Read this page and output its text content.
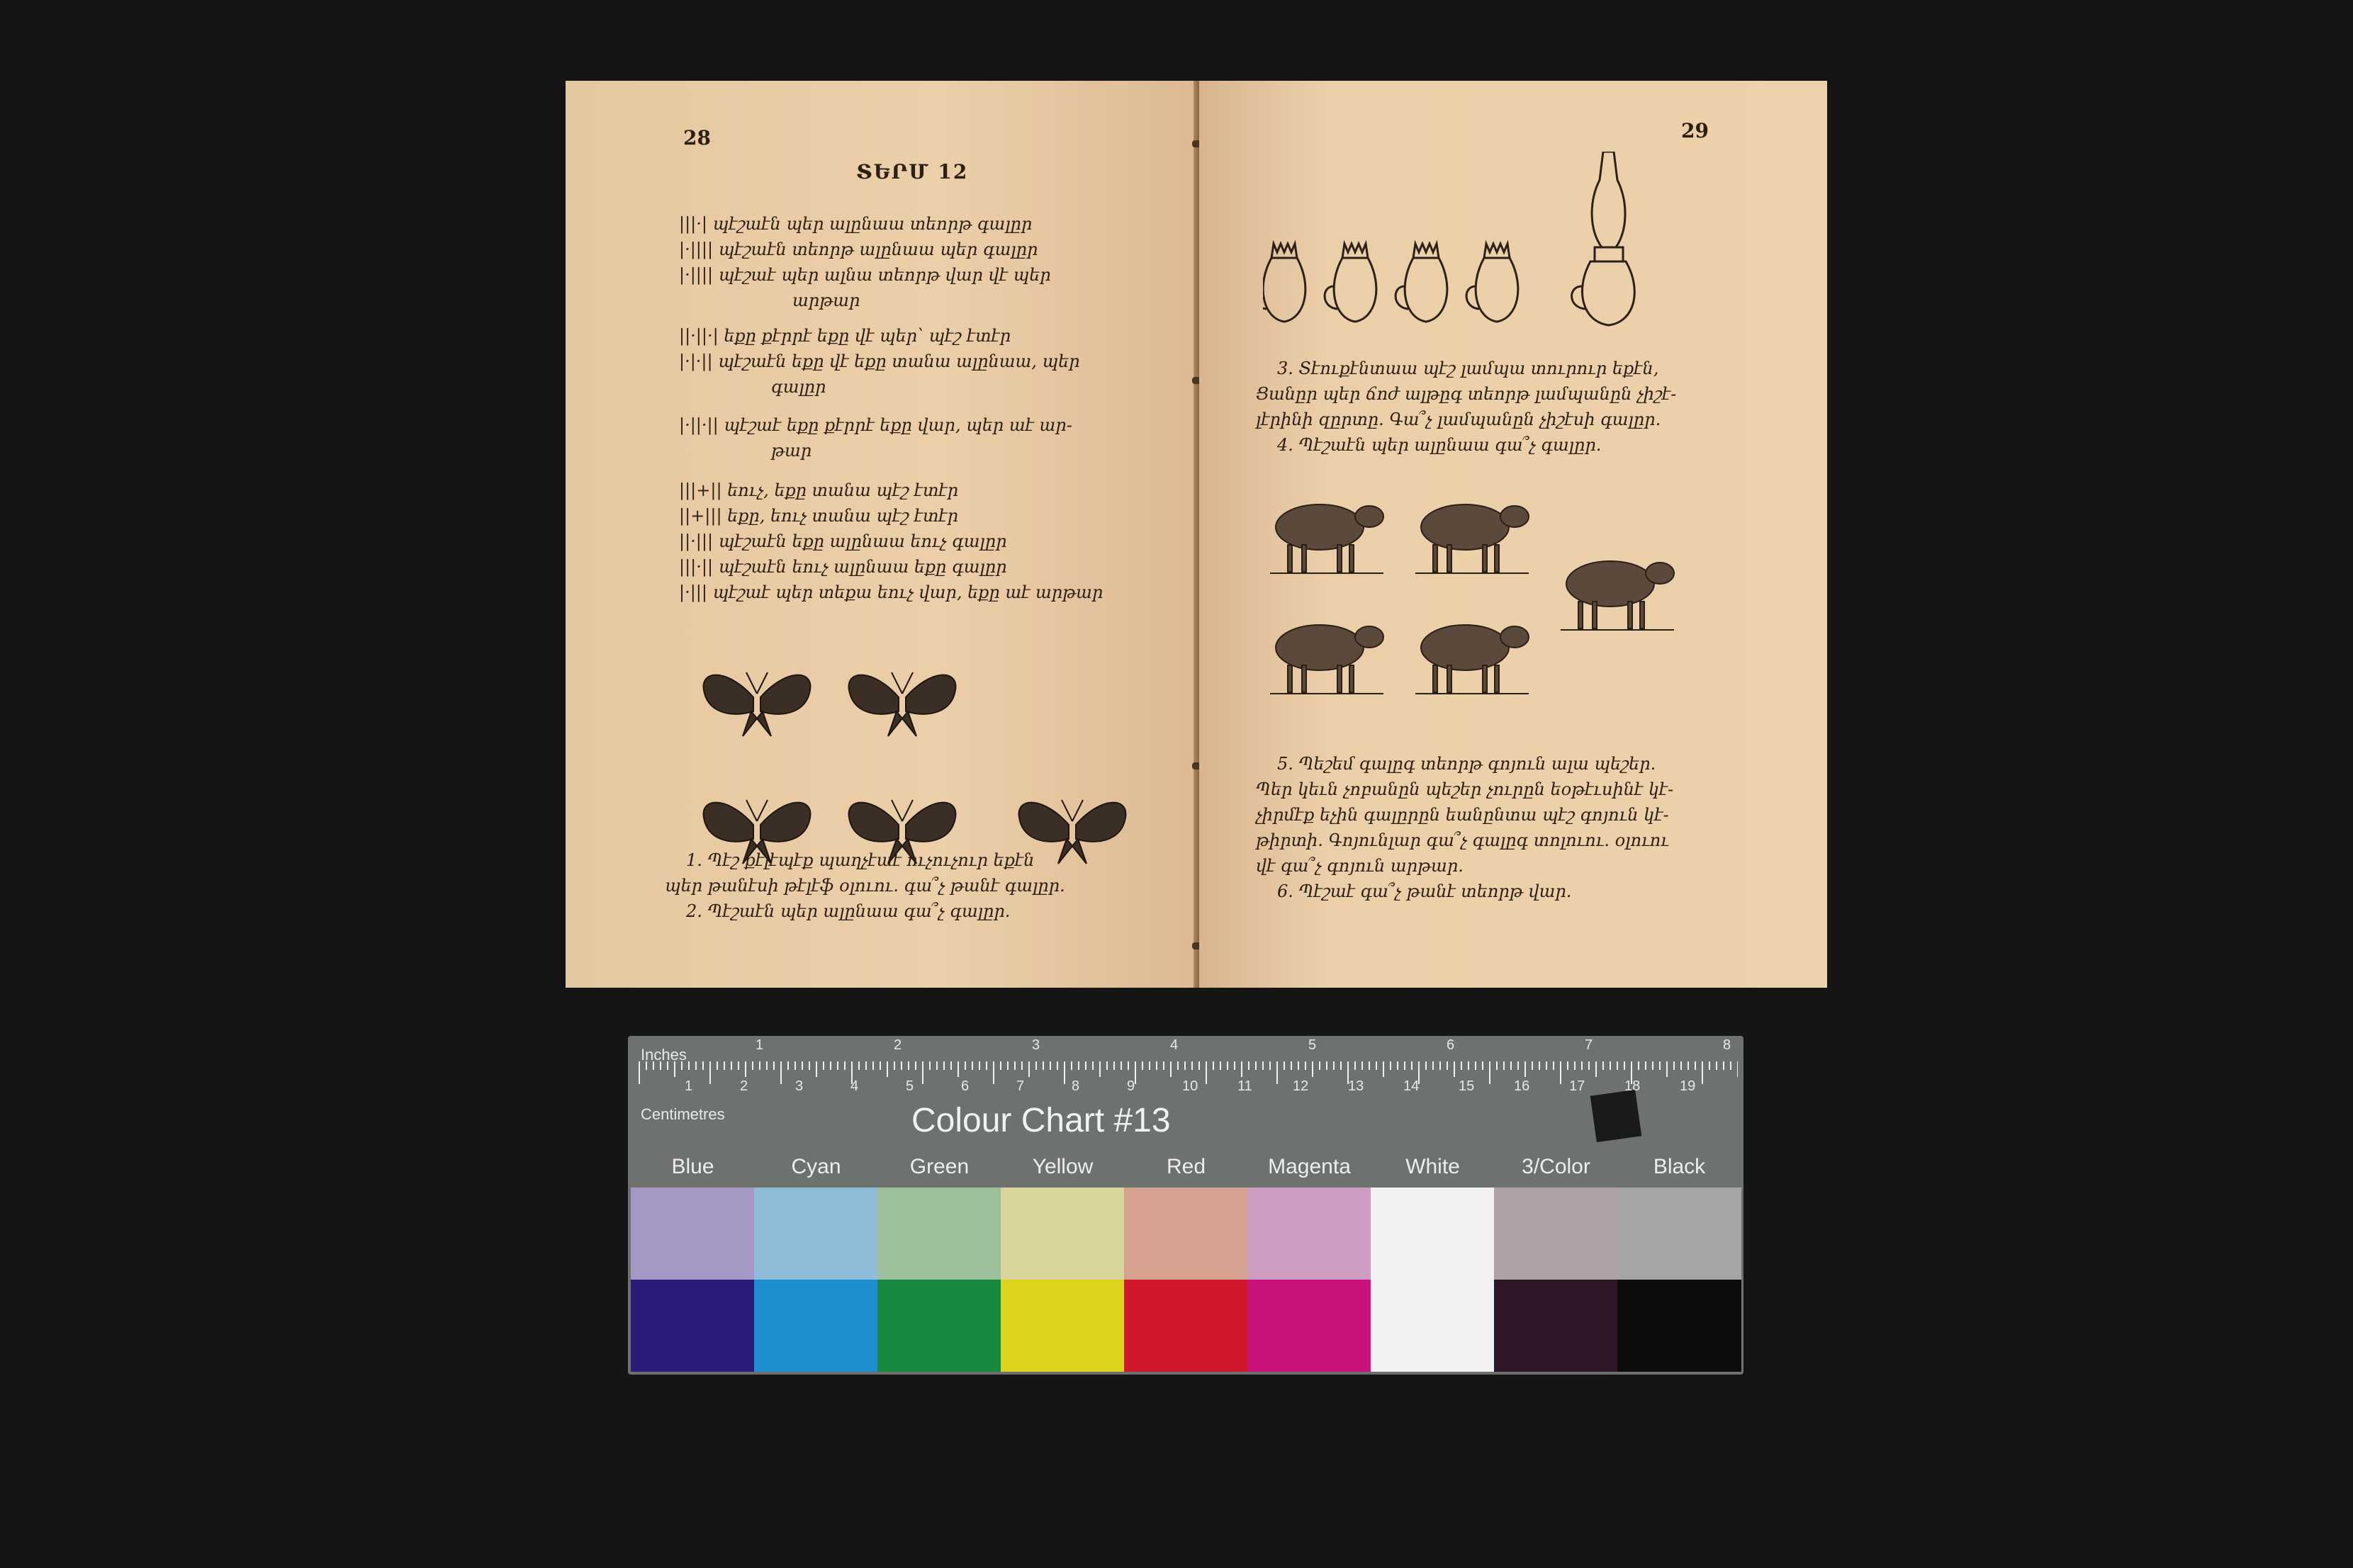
28
ՏԵՐՄ 12
|||·| պէշաէն պեր ալընաա տեորթ գալըր
|·|||| պէշաէն տեորթ ալընաա պեր գալըր
|·|||| պէշաէ պեր ալնա տեորթ վար վէ պեր
արթար
||·||·| եքը քէրրէ եքը վէ պեր՝ պէշ էտէր
|·|·|| պէշաէն եքը վէ եքը տանա ալընաա, պեր
գալըր
|·||·|| պէշաէ եքը քէրրէ եքը վար, պեր աէ ար-
թար
|||+|| եուչ, եքը տանա պէշ էտէր
||+||| եքը, եուչ տանա պէշ էտէր
||·||| պէշաէն եքը ալընաա եուչ գալըր
|||·|| պէշաէն եուչ ալընաա եքը գալըր
|·||| պէշաէ պեր տեքա եուչ վար, եքը աէ արթար
1. Պէշ քէլէպէք պաղչէաէ ուչուչուր եքէն
պեր թանէսի թէլէֆ օլուու. գա՞չ թանէ գալըր.
2. Պէշաէն պեր ալընաա գա՞չ գալըր.
29
3. Տէուքէնտաա պէշ լամպա տուրուր եքէն,
Ցանըր պեր ճոժ ալթըգ տեորթ լամպանըն չիշէ-
լէրինի զըրտը. Գա՞չ լամպանըն չիշէսի գալըր.
4. Պէշաէն պեր ալընաա գա՞չ գալըր.
5. Պեշեմ գալըգ տեորթ գոյուն ալա պեշեր.
Պեր կեւն չոբանըն պեշեր չուրըն եօթէւսինէ կէ-
չիրմէք եչին գալըրըն եանընտա պէշ գոյուն կէ-
թիրտի. Գոյունլար գա՞չ գալըգ տոլուու. օլուու
վէ գա՞չ գոյուն արթար.
6. Պէշաէ գա՞չ թանէ տեորթ վար.
Inches
Centimetres	Colour Chart #13
1	2	3	4	5	6	7	8
1	2	3	4	5	6	7	8	9	10	11	12	13	14	15	16	17	18	19
Blue	Cyan	Green	Yellow	Red	Magenta	White	3/Color	Black
